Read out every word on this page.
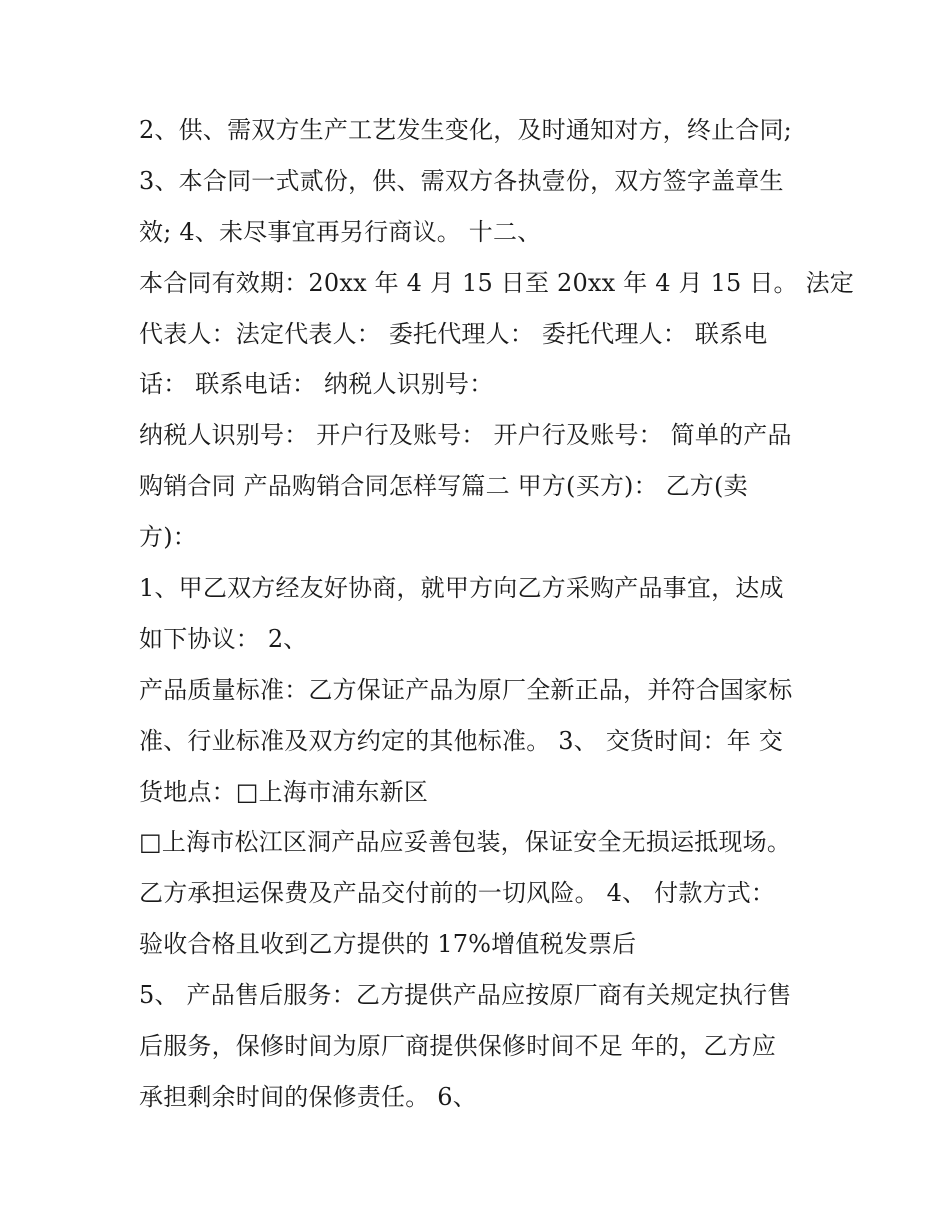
2、供、需双方生产工艺发生变化，及时通知对方，终止合同;
3、本合同一式贰份，供、需双方各执壹份，双方签字盖章生
效; 4、未尽事宜再另行商议。 十二、
本合同有效期：20xx 年 4 月 15 日至 20xx 年 4 月 15 日。 法定
代表人：法定代表人： 委托代理人： 委托代理人： 联系电
话： 联系电话： 纳税人识别号：
纳税人识别号： 开户行及账号： 开户行及账号： 简单的产品
购销合同 产品购销合同怎样写篇二 甲方(买方)： 乙方(卖
方)：
1、甲乙双方经友好协商，就甲方向乙方采购产品事宜，达成
如下协议： 2、
产品质量标准：乙方保证产品为原厂全新正品，并符合国家标
准、行业标准及双方约定的其他标准。 3、 交货时间：年 交
货地点：□上海市浦东新区
□上海市松江区洞产品应妥善包装，保证安全无损运抵现场。
乙方承担运保费及产品交付前的一切风险。 4、 付款方式：
验收合格且收到乙方提供的 17%增值税发票后
5、 产品售后服务：乙方提供产品应按原厂商有关规定执行售
后服务，保修时间为原厂商提供保修时间不足 年的，乙方应
承担剩余时间的保修责任。 6、
